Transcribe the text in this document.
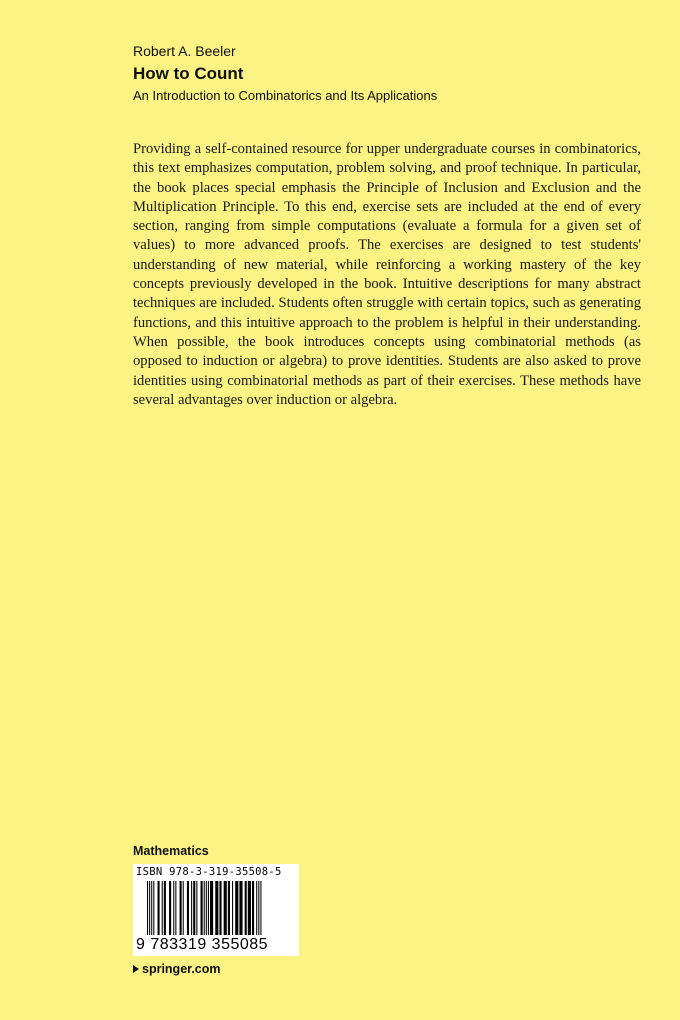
Robert A. Beeler
How to Count
An Introduction to Combinatorics and Its Applications

Providing a self-contained resource for upper undergraduate courses in combinatorics, this text emphasizes computation, problem solving, and proof technique. In particular, the book places special emphasis the Principle of Inclusion and Exclusion and the Multiplication Principle. To this end, exercise sets are included at the end of every section, ranging from simple computations (evaluate a formula for a given set of values) to more advanced proofs. The exercises are designed to test students' understanding of new material, while reinforcing a working mastery of the key concepts previously developed in the book. Intuitive descriptions for many abstract techniques are included. Students often struggle with certain topics, such as generating functions, and this intuitive approach to the problem is helpful in their understanding. When possible, the book introduces concepts using combinatorial methods (as opposed to induction or algebra) to prove identities. Students are also asked to prove identities using combinatorial methods as part of their exercises. These methods have several advantages over induction or algebra.

Mathematics
ISBN 978-3-319-35508-5
9 783319 355085
springer.com
